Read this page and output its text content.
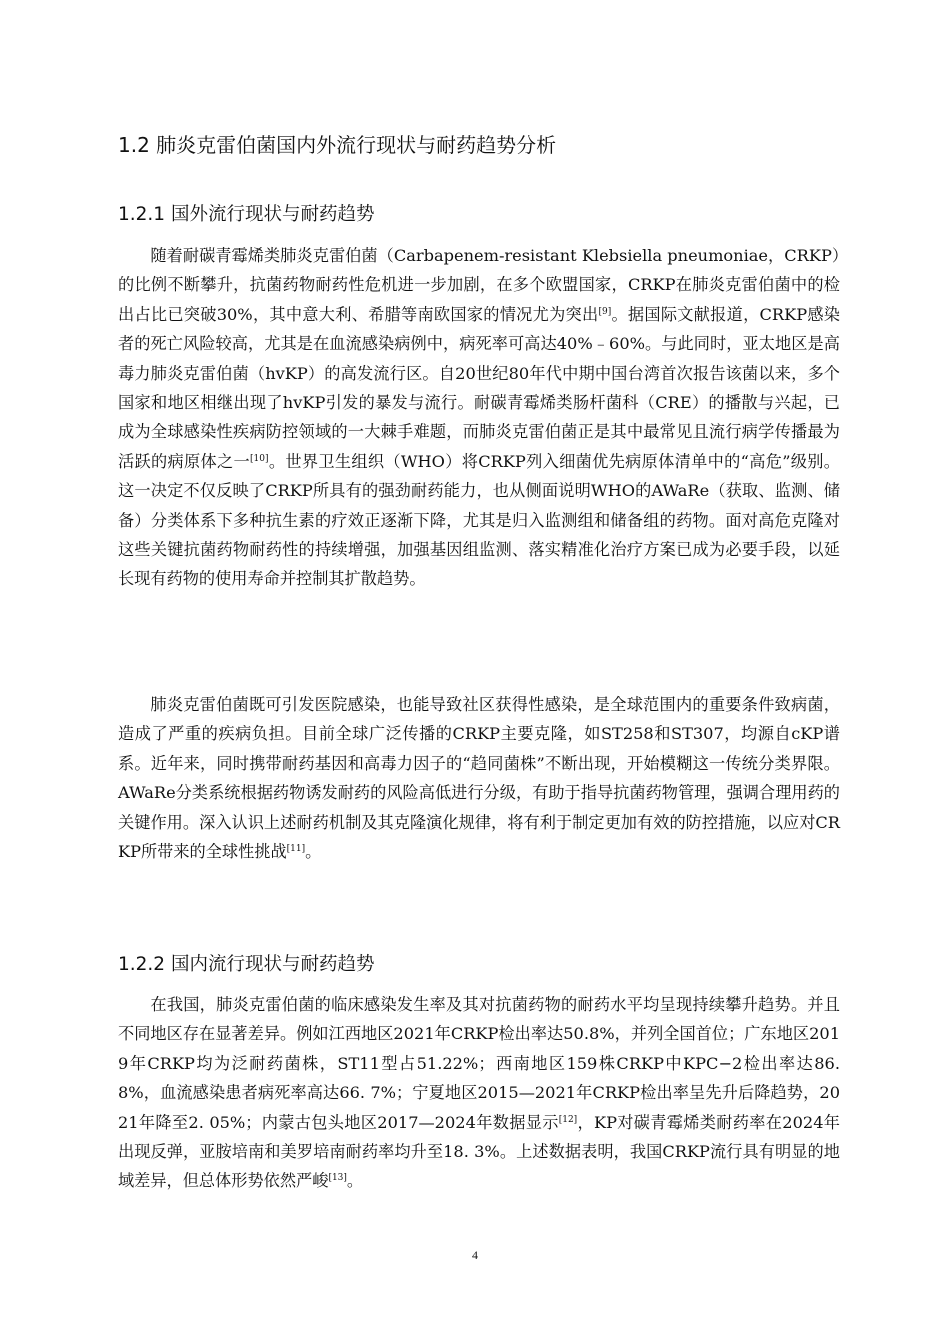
1.2 肺炎克雷伯菌国内外流行现状与耐药趋势分析
1.2.1 国外流行现状与耐药趋势

随着耐碳青霉烯类肺炎克雷伯菌（Carbapenem-resistant Klebsiella pneumoniae，CRKP）的比例不断攀升，抗菌药物耐药性危机进一步加剧，在多个欧盟国家，CRKP在肺炎克雷伯菌中的检出占比已突破30%，其中意大利、希腊等南欧国家的情况尤为突出[9]。据国际文献报道，CRKP感染者的死亡风险较高，尤其是在血流感染病例中，病死率可高达40%﹣60%。与此同时，亚太地区是高毒力肺炎克雷伯菌（hvKP）的高发流行区。自20世纪80年代中期中国台湾首次报告该菌以来，多个国家和地区相继出现了hvKP引发的暴发与流行。耐碳青霉烯类肠杆菌科（CRE）的播散与兴起，已成为全球感染性疾病防控领域的一大棘手难题，而肺炎克雷伯菌正是其中最常见且流行病学传播最为活跃的病原体之一[10]。世界卫生组织（WHO）将CRKP列入细菌优先病原体清单中的“高危”级别。这一决定不仅反映了CRKP所具有的强劲耐药能力，也从侧面说明WHO的AWaRe（获取、监测、储备）分类体系下多种抗生素的疗效正逐渐下降，尤其是归入监测组和储备组的药物。面对高危克隆对这些关键抗菌药物耐药性的持续增强，加强基因组监测、落实精准化治疗方案已成为必要手段，以延长现有药物的使用寿命并控制其扩散趋势。

肺炎克雷伯菌既可引发医院感染，也能导致社区获得性感染，是全球范围内的重要条件致病菌，造成了严重的疾病负担。目前全球广泛传播的CRKP主要克隆，如ST258和ST307，均源自cKP谱系。近年来，同时携带耐药基因和高毒力因子的“趋同菌株”不断出现，开始模糊这一传统分类界限。AWaRe分类系统根据药物诱发耐药的风险高低进行分级，有助于指导抗菌药物管理，强调合理用药的关键作用。深入认识上述耐药机制及其克隆演化规律，将有利于制定更加有效的防控措施，以应对CRKP所带来的全球性挑战[11]。

1.2.2 国内流行现状与耐药趋势

在我国，肺炎克雷伯菌的临床感染发生率及其对抗菌药物的耐药水平均呈现持续攀升趋势。并且不同地区存在显著差异。例如江西地区2021年CRKP检出率达50.8%，并列全国首位；广东地区2019年CRKP均为泛耐药菌株，ST11型占51.22%；西南地区159株CRKP中KPC−2检出率达86. 8%，血流感染患者病死率高达66. 7%；宁夏地区2015—2021年CRKP检出率呈先升后降趋势，2021年降至2. 05%；内蒙古包头地区2017—2024年数据显示[12]，KP对碳青霉烯类耐药率在2024年出现反弹，亚胺培南和美罗培南耐药率均升至18. 3%。上述数据表明，我国CRKP流行具有明显的地域差异，但总体形势依然严峻[13]。

4
